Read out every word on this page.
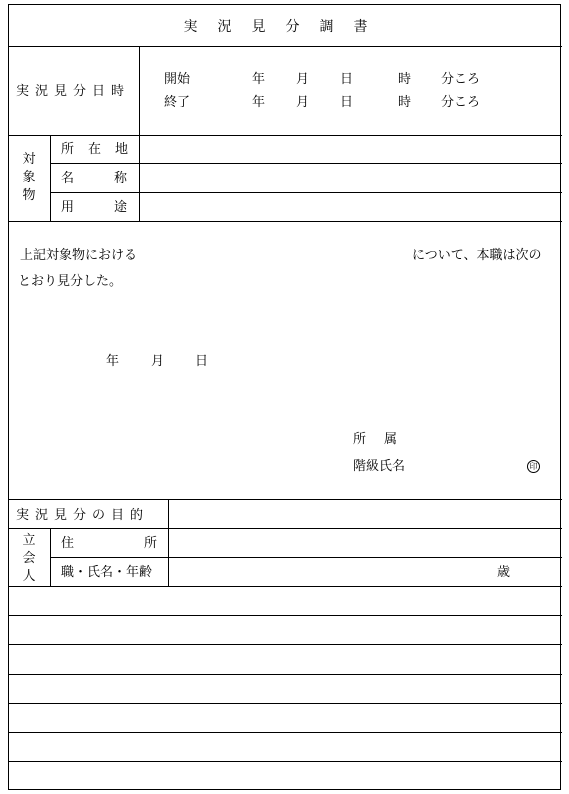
実況見分調書
実況見分日時
開始	年 月 日	時 分ころ
終了	年 月 日	時 分ころ
対象物
所在地
名称
用途
上記対象物における	について、本職は次の
とおり見分した。
年 月 日
所属
階級氏名	印
実況見分の目的
立会人
住所
職・氏名・年齢	歳
